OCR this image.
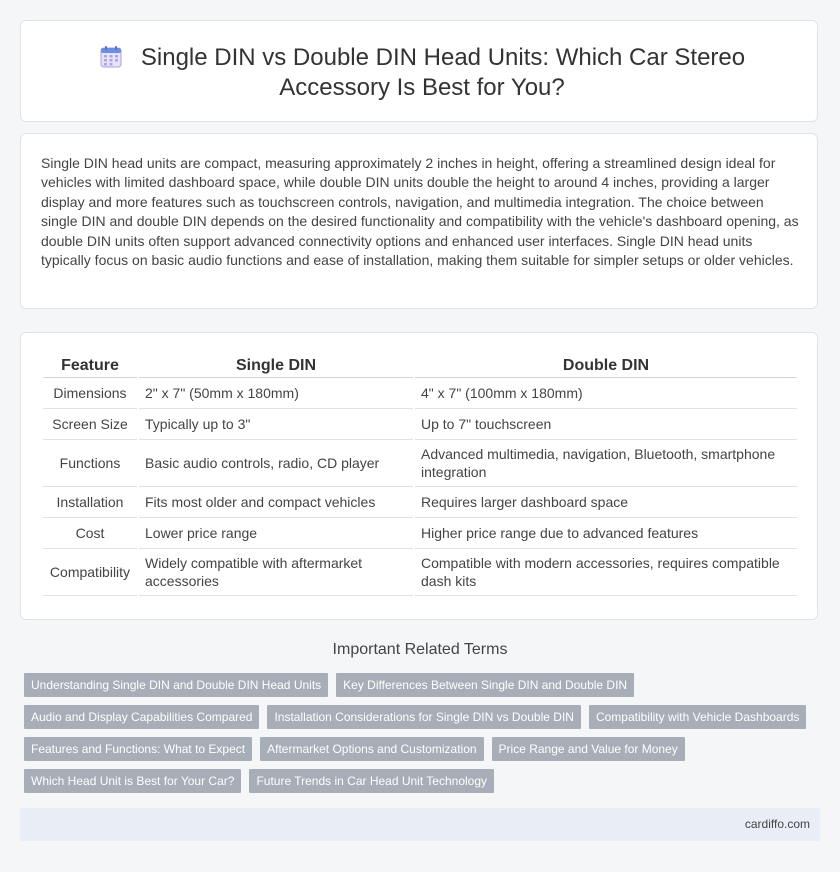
Single DIN vs Double DIN Head Units: Which Car Stereo Accessory Is Best for You?
Single DIN head units are compact, measuring approximately 2 inches in height, offering a streamlined design ideal for vehicles with limited dashboard space, while double DIN units double the height to around 4 inches, providing a larger display and more features such as touchscreen controls, navigation, and multimedia integration. The choice between single DIN and double DIN depends on the desired functionality and compatibility with the vehicle's dashboard opening, as double DIN units often support advanced connectivity options and enhanced user interfaces. Single DIN head units typically focus on basic audio functions and ease of installation, making them suitable for simpler setups or older vehicles.
Feature	Single DIN	Double DIN
Dimensions	2" x 7" (50mm x 180mm)	4" x 7" (100mm x 180mm)
Screen Size	Typically up to 3"	Up to 7" touchscreen
Functions	Basic audio controls, radio, CD player	Advanced multimedia, navigation, Bluetooth, smartphone integration
Installation	Fits most older and compact vehicles	Requires larger dashboard space
Cost	Lower price range	Higher price range due to advanced features
Compatibility	Widely compatible with aftermarket accessories	Compatible with modern accessories, requires compatible dash kits
Important Related Terms
Understanding Single DIN and Double DIN Head Units	Key Differences Between Single DIN and Double DIN
Audio and Display Capabilities Compared	Installation Considerations for Single DIN vs Double DIN	Compatibility with Vehicle Dashboards
Features and Functions: What to Expect	Aftermarket Options and Customization	Price Range and Value for Money
Which Head Unit is Best for Your Car?	Future Trends in Car Head Unit Technology
cardiffo.com
